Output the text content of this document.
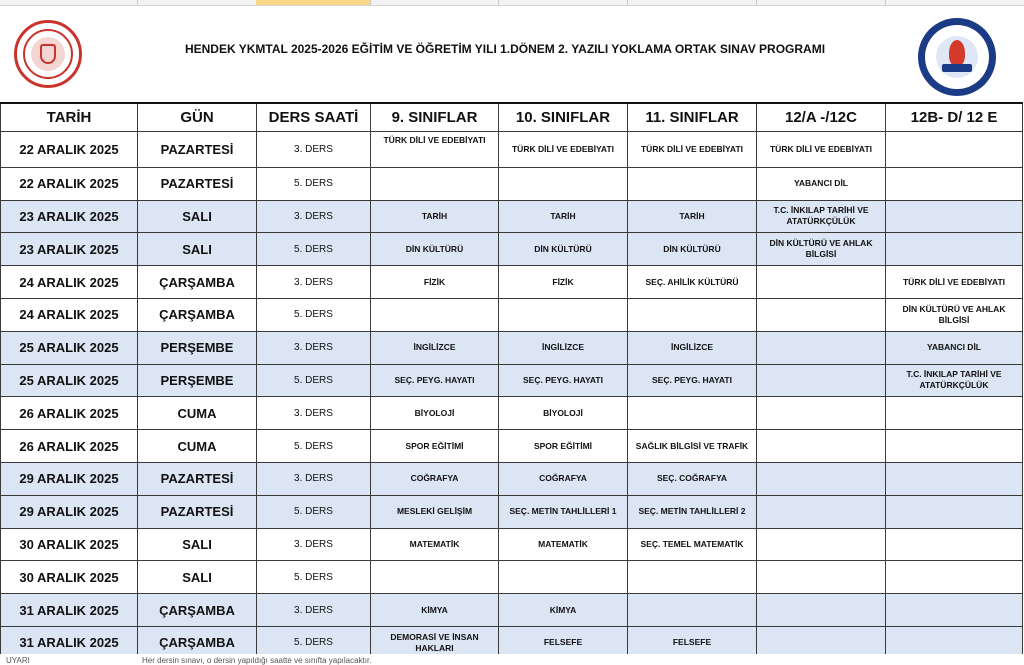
HENDEK YKMTAL 2025-2026 EĞİTİM VE ÖĞRETİM YILI 1.DÖNEM 2. YAZILI YOKLAMA ORTAK SINAV PROGRAMI
TARİH	GÜN	DERS SAATİ	9. SINIFLAR	10. SINIFLAR	11. SINIFLAR	12/A -/12C	12B- D/ 12 E
22 ARALIK 2025	PAZARTESİ	3. DERS	TÜRK DİLİ VE EDEBİYATI	TÜRK DİLİ VE EDEBİYATI	TÜRK DİLİ VE EDEBİYATI	TÜRK DİLİ VE EDEBİYATI	
22 ARALIK 2025	PAZARTESİ	5. DERS				YABANCI DİL	
23 ARALIK 2025	SALI	3. DERS	TARİH	TARİH	TARİH	T.C. İNKILAP TARİHİ VE ATATÜRKÇÜLÜK	
23 ARALIK 2025	SALI	5. DERS	DİN KÜLTÜRÜ	DİN KÜLTÜRÜ	DİN KÜLTÜRÜ	DİN KÜLTÜRÜ VE AHLAK BİLGİSİ	
24 ARALIK 2025	ÇARŞAMBA	3. DERS	FİZİK	FİZİK	SEÇ. AHİLİK KÜLTÜRÜ		TÜRK DİLİ VE EDEBİYATI
24 ARALIK 2025	ÇARŞAMBA	5. DERS					DİN KÜLTÜRÜ VE AHLAK BİLGİSİ
25 ARALIK 2025	PERŞEMBE	3. DERS	İNGİLİZCE	İNGİLİZCE	İNGİLİZCE		YABANCI DİL
25 ARALIK 2025	PERŞEMBE	5. DERS	SEÇ. PEYG. HAYATI	SEÇ. PEYG. HAYATI	SEÇ. PEYG. HAYATI		T.C. İNKILAP TARİHİ VE ATATÜRKÇÜLÜK
26 ARALIK 2025	CUMA	3. DERS	BİYOLOJİ	BİYOLOJİ			
26 ARALIK 2025	CUMA	5. DERS	SPOR EĞİTİMİ	SPOR EĞİTİMİ	SAĞLIK BİLGİSİ VE TRAFİK		
29 ARALIK 2025	PAZARTESİ	3. DERS	COĞRAFYA	COĞRAFYA	SEÇ. COĞRAFYA		
29 ARALIK 2025	PAZARTESİ	5. DERS	MESLEKİ GELİŞİM	SEÇ. METİN TAHLİLLERİ 1	SEÇ. METİN TAHLİLLERİ 2		
30 ARALIK 2025	SALI	3. DERS	MATEMATİK	MATEMATİK	SEÇ. TEMEL MATEMATİK		
30 ARALIK 2025	SALI	5. DERS					
31 ARALIK 2025	ÇARŞAMBA	3. DERS	KİMYA	KİMYA			
31 ARALIK 2025	ÇARŞAMBA	5. DERS	DEMORASİ VE İNSAN HAKLARI	FELSEFE	FELSEFE		
UYARI	Her dersin sınavı, o dersin yapıldığı saatte ve sınıfta yapılacaktır.
